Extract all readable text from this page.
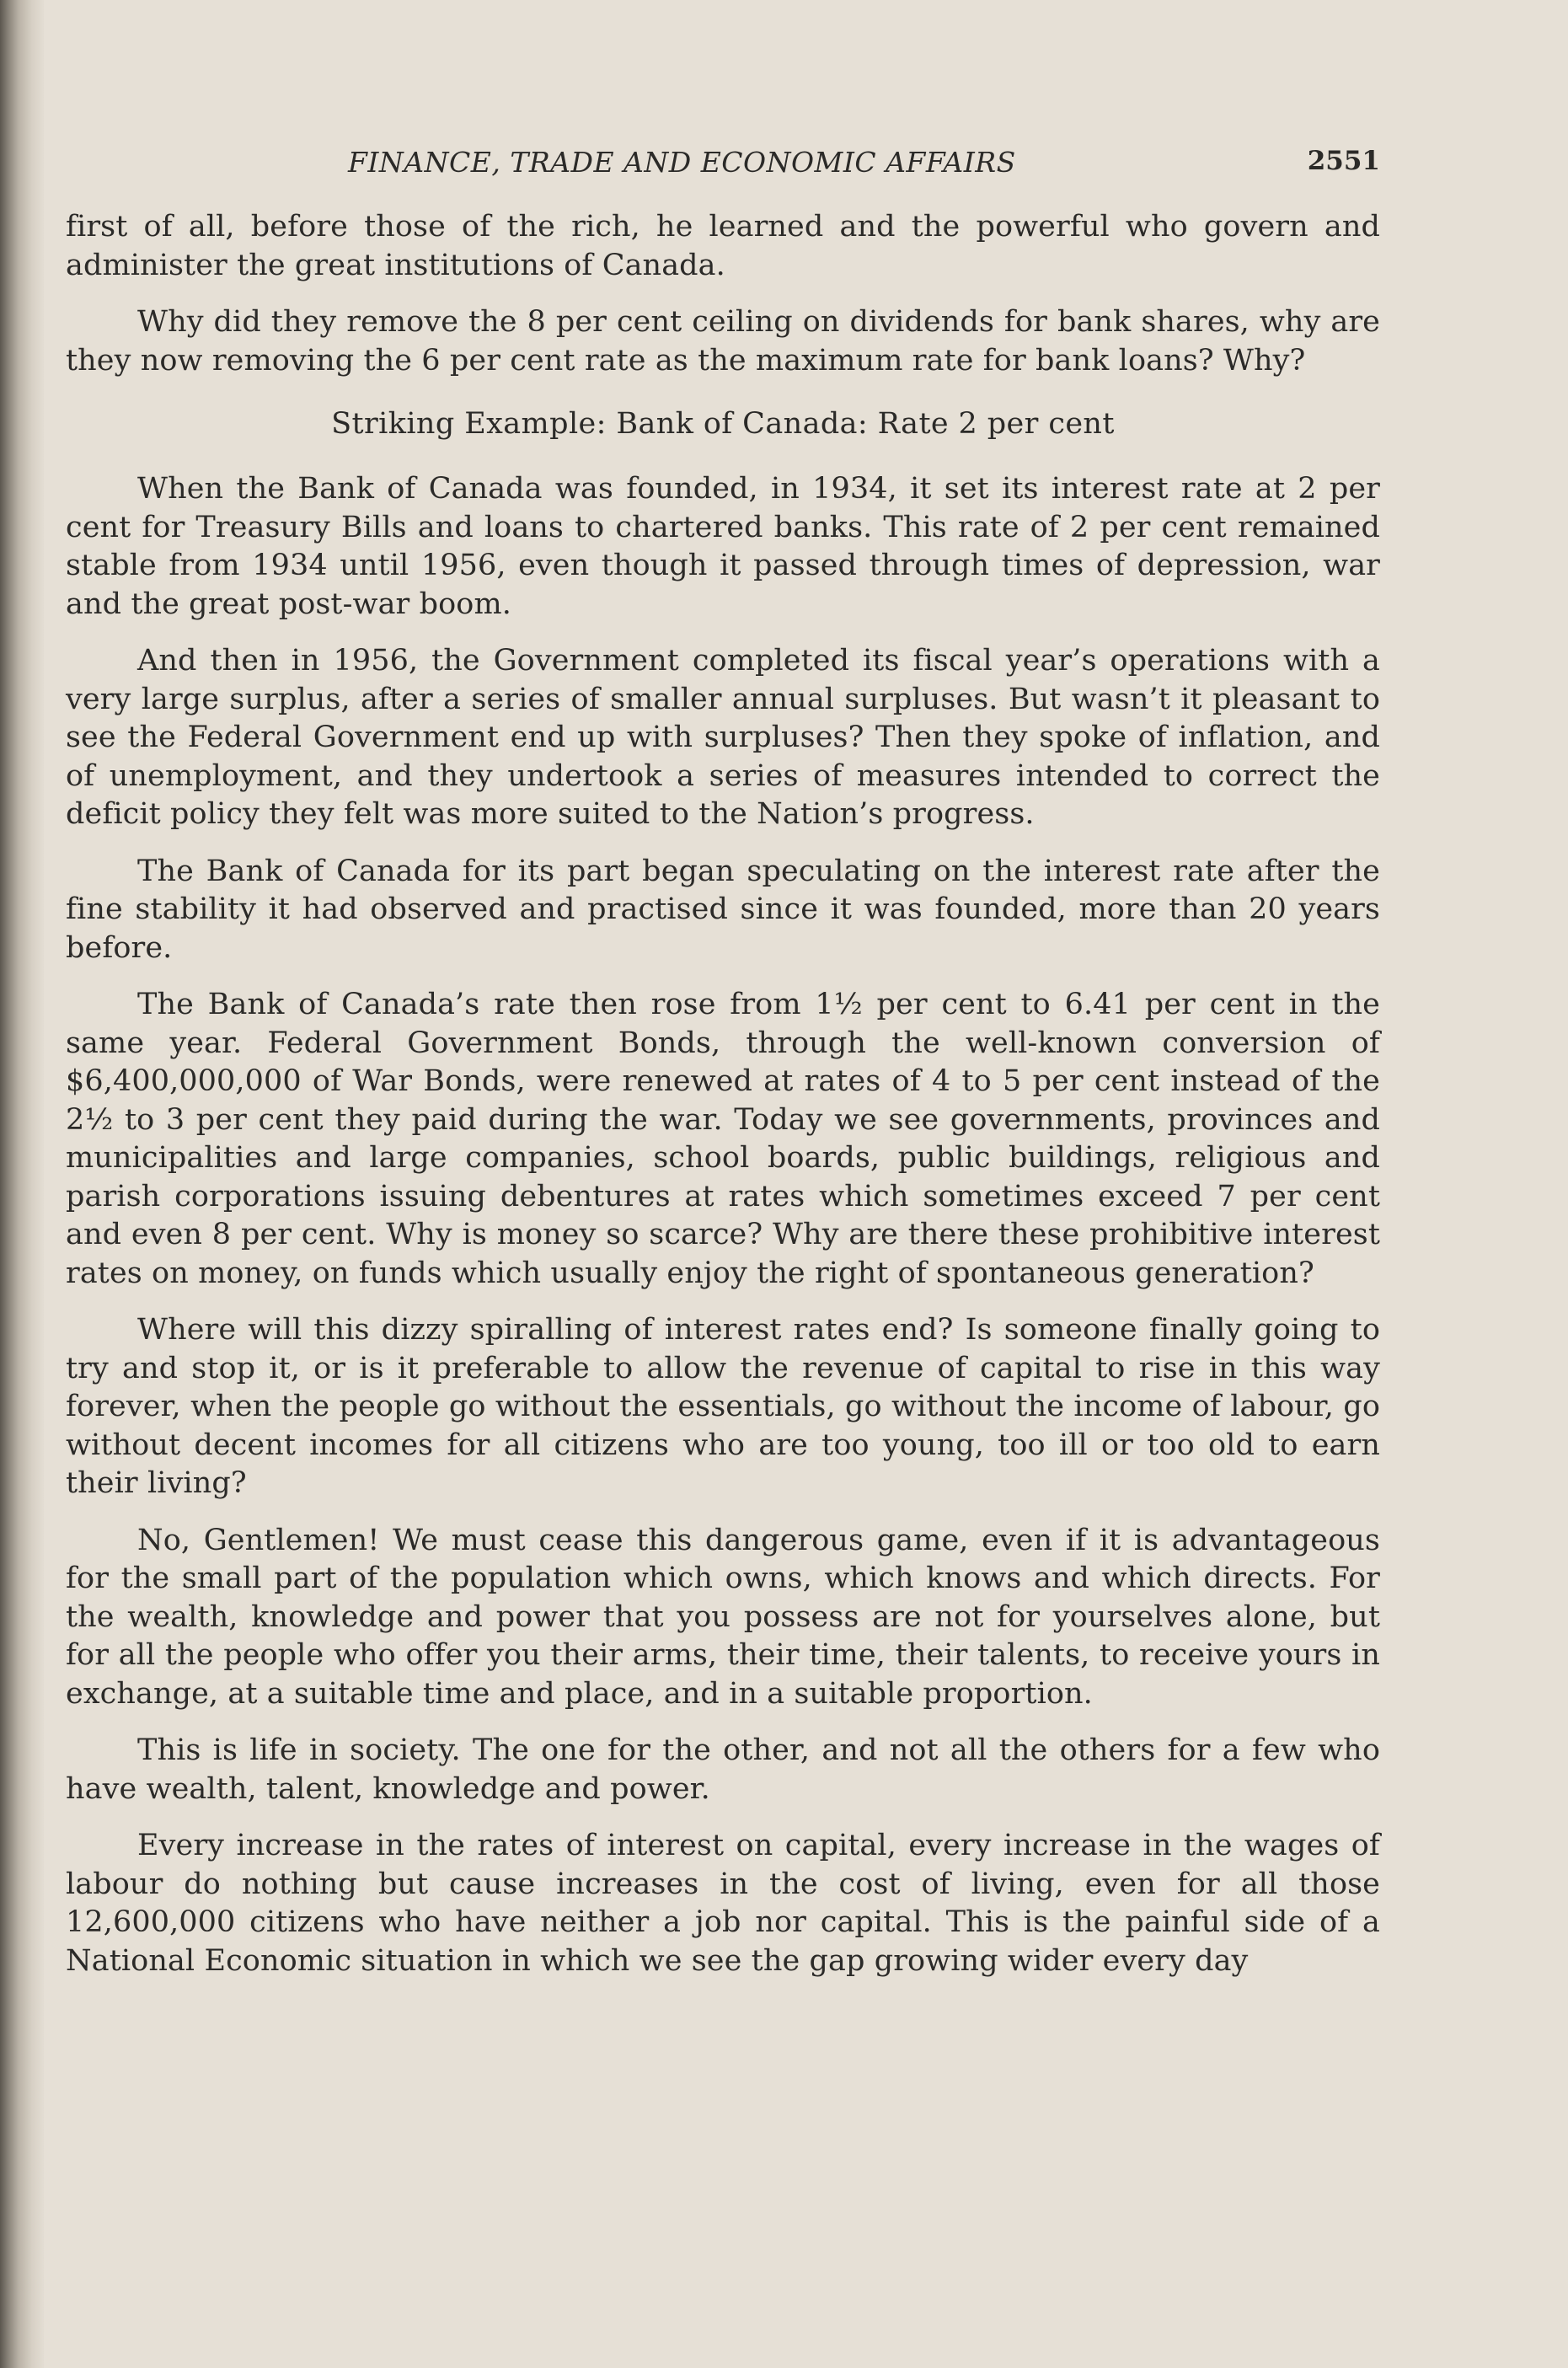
FINANCE, TRADE AND ECONOMIC AFFAIRS	2551

first of all, before those of the rich, he learned and the powerful who govern and administer the great institutions of Canada.

Why did they remove the 8 per cent ceiling on dividends for bank shares, why are they now removing the 6 per cent rate as the maximum rate for bank loans? Why?

Striking Example: Bank of Canada: Rate 2 per cent

When the Bank of Canada was founded, in 1934, it set its interest rate at 2 per cent for Treasury Bills and loans to chartered banks. This rate of 2 per cent remained stable from 1934 until 1956, even though it passed through times of depression, war and the great post-war boom.

And then in 1956, the Government completed its fiscal year’s operations with a very large surplus, after a series of smaller annual surpluses. But wasn’t it pleasant to see the Federal Government end up with surpluses? Then they spoke of inflation, and of unemployment, and they undertook a series of measures intended to correct the deficit policy they felt was more suited to the Nation’s progress.

The Bank of Canada for its part began speculating on the interest rate after the fine stability it had observed and practised since it was founded, more than 20 years before.

The Bank of Canada’s rate then rose from 1½ per cent to 6.41 per cent in the same year. Federal Government Bonds, through the well-known conversion of $6,400,000,000 of War Bonds, were renewed at rates of 4 to 5 per cent instead of the 2½ to 3 per cent they paid during the war. Today we see governments, provinces and municipalities and large companies, school boards, public buildings, religious and parish corporations issuing debentures at rates which sometimes exceed 7 per cent and even 8 per cent. Why is money so scarce? Why are there these prohibitive interest rates on money, on funds which usually enjoy the right of spontaneous generation?

Where will this dizzy spiralling of interest rates end? Is someone finally going to try and stop it, or is it preferable to allow the revenue of capital to rise in this way forever, when the people go without the essentials, go without the income of labour, go without decent incomes for all citizens who are too young, too ill or too old to earn their living?

No, Gentlemen! We must cease this dangerous game, even if it is advantageous for the small part of the population which owns, which knows and which directs. For the wealth, knowledge and power that you possess are not for yourselves alone, but for all the people who offer you their arms, their time, their talents, to receive yours in exchange, at a suitable time and place, and in a suitable proportion.

This is life in society. The one for the other, and not all the others for a few who have wealth, talent, knowledge and power.

Every increase in the rates of interest on capital, every increase in the wages of labour do nothing but cause increases in the cost of living, even for all those 12,600,000 citizens who have neither a job nor capital. This is the painful side of a National Economic situation in which we see the gap growing wider every day
